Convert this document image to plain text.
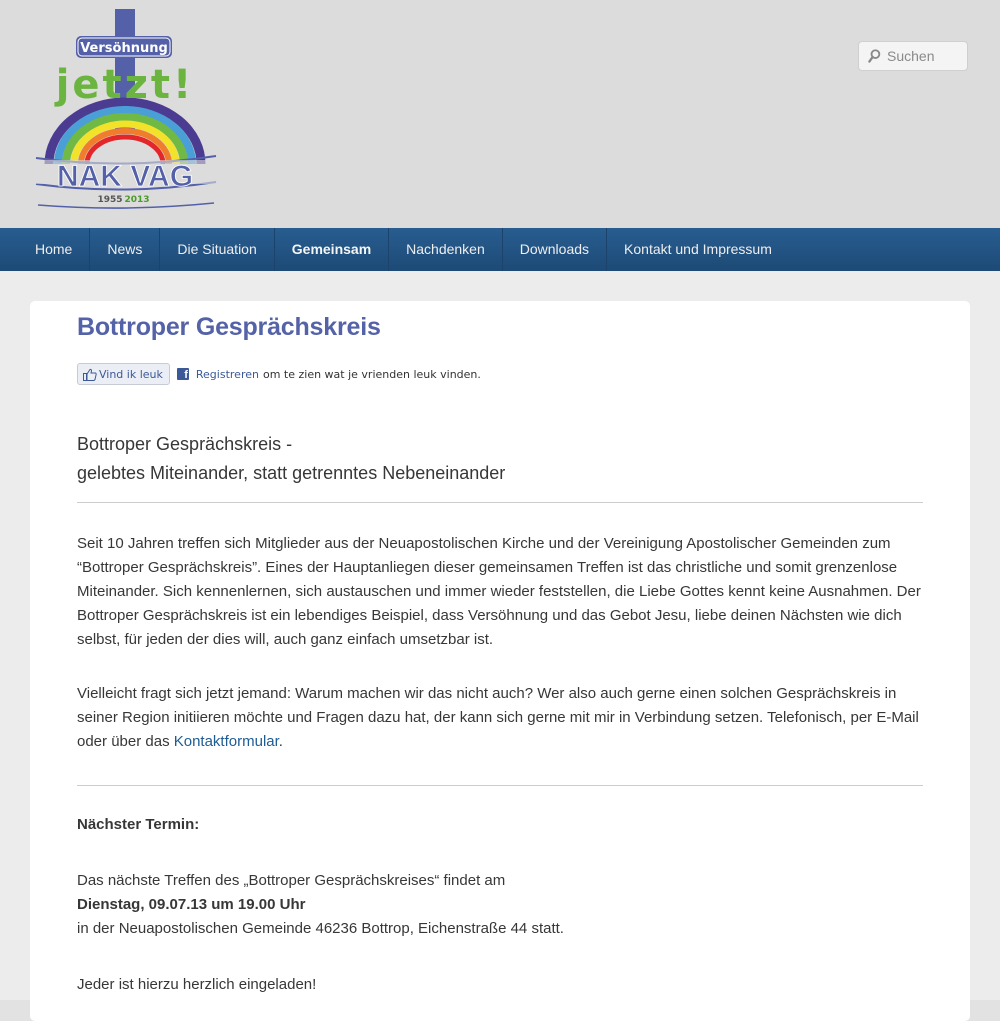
Versöhnung
jetzt!
NAK VAG
1955 2013
Suchen
Home	News	Die Situation	Gemeinsam	Nachdenken	Downloads	Kontakt und Impressum
Bottroper Gesprächskreis
Vind ik leuk f Registreren om te zien wat je vrienden leuk vinden.
Bottroper Gesprächskreis -
gelebtes Miteinander, statt getrenntes Nebeneinander

Seit 10 Jahren treffen sich Mitglieder aus der Neuapostolischen Kirche und der Vereinigung Apostolischer Gemeinden zum “Bottroper Gesprächskreis”. Eines der Hauptanliegen dieser gemeinsamen Treffen ist das christliche und somit grenzenlose Miteinander. Sich kennenlernen, sich austauschen und immer wieder feststellen, die Liebe Gottes kennt keine Ausnahmen. Der Bottroper Gesprächskreis ist ein lebendiges Beispiel, dass Versöhnung und das Gebot Jesu, liebe deinen Nächsten wie dich selbst, für jeden der dies will, auch ganz einfach umsetzbar ist.

Vielleicht fragt sich jetzt jemand: Warum machen wir das nicht auch? Wer also auch gerne einen solchen Gesprächskreis in seiner Region initiieren möchte und Fragen dazu hat, der kann sich gerne mit mir in Verbindung setzen. Telefonisch, per E-Mail oder über das Kontaktformular.

Nächster Termin:
Das nächste Treffen des „Bottroper Gesprächskreises“ findet am
Dienstag, 09.07.13 um 19.00 Uhr
in der Neuapostolischen Gemeinde 46236 Bottrop, Eichenstraße 44 statt.
Jeder ist hierzu herzlich eingeladen!
